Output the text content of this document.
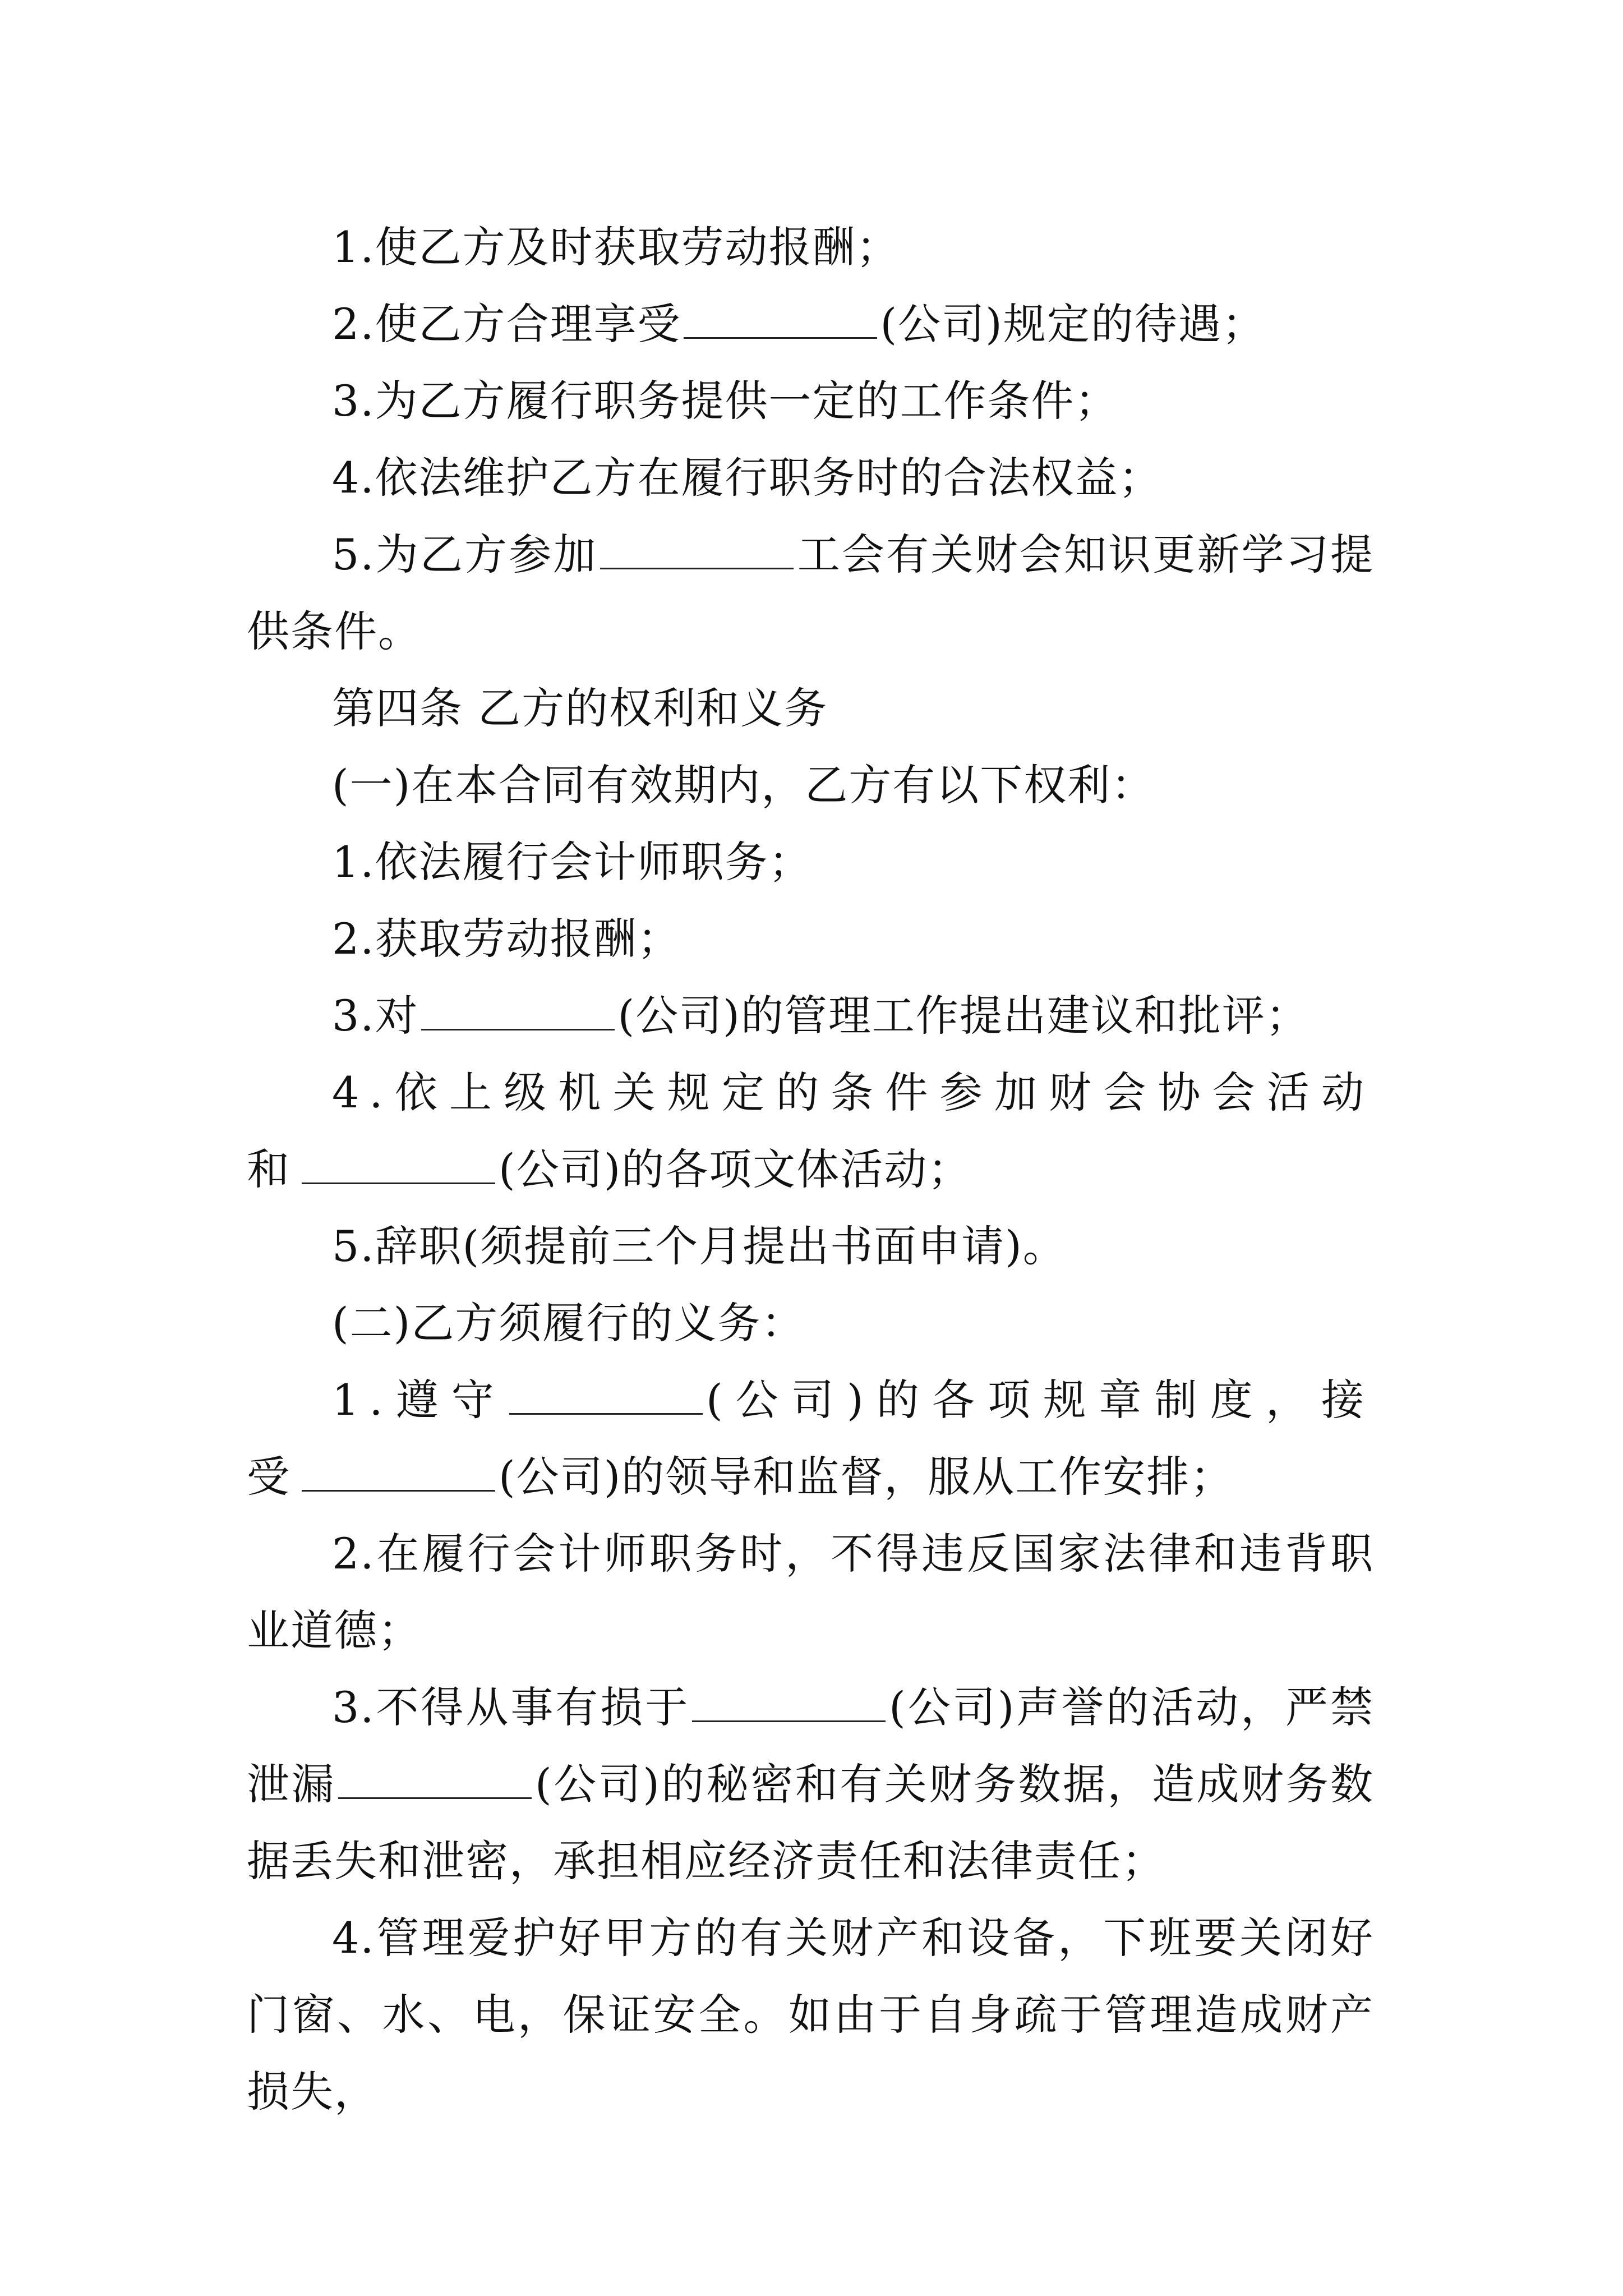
1.使乙方及时获取劳动报酬；

2.使乙方合理享受	(公司)规定的待遇；

3.为乙方履行职务提供一定的工作条件；

4.依法维护乙方在履行职务时的合法权益；

5.为乙方参加	工会有关财会知识更新学习提供条件。

第四条 乙方的权利和义务

(一)在本合同有效期内，乙方有以下权利：

1.依法履行会计师职务；

2.获取劳动报酬；

3.对	(公司)的管理工作提出建议和批评；

4.依上级机关规定的条件参加财会协会活动和	(公司)的各项文体活动；

5.辞职(须提前三个月提出书面申请)。

(二)乙方须履行的义务：

1.遵守	(公司)的各项规章制度，接受	(公司)的领导和监督，服从工作安排；

2.在履行会计师职务时，不得违反国家法律和违背职业道德；

3.不得从事有损于	(公司)声誉的活动，严禁泄漏	(公司)的秘密和有关财务数据，造成财务数据丢失和泄密，承担相应经济责任和法律责任；

4.管理爱护好甲方的有关财产和设备，下班要关闭好门窗、水、电，保证安全。如由于自身疏于管理造成财产损失，
